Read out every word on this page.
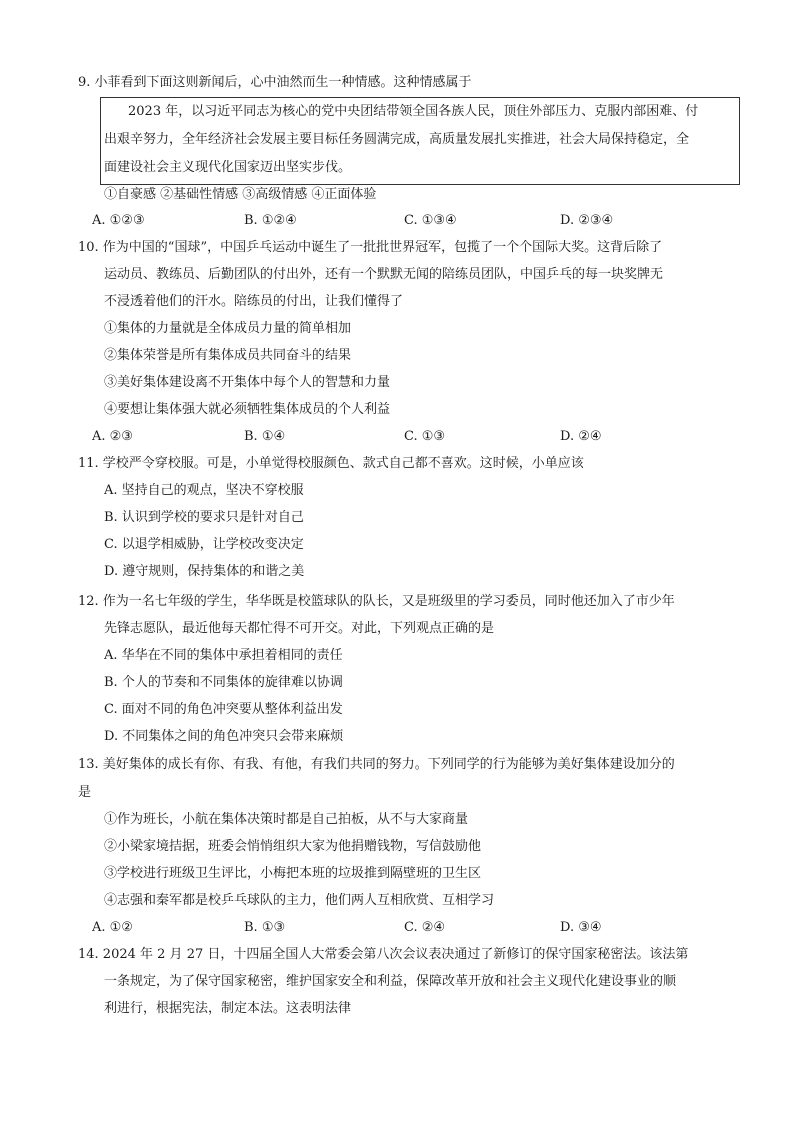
9. 小菲看到下面这则新闻后，心中油然而生一种情感。这种情感属于
2023 年，以习近平同志为核心的党中央团结带领全国各族人民，顶住外部压力、克服内部困难、付
出艰辛努力，全年经济社会发展主要目标任务圆满完成，高质量发展扎实推进，社会大局保持稳定，全
面建设社会主义现代化国家迈出坚实步伐。
①自豪感 ②基础性情感 ③高级情感 ④正面体验
A. ①②③	B. ①②④	C. ①③④	D. ②③④
10. 作为中国的“国球”，中国乒乓运动中诞生了一批批世界冠军，包揽了一个个国际大奖。这背后除了
运动员、教练员、后勤团队的付出外，还有一个默默无闻的陪练员团队，中国乒乓的每一块奖牌无
不浸透着他们的汗水。陪练员的付出，让我们懂得了
①集体的力量就是全体成员力量的简单相加
②集体荣誉是所有集体成员共同奋斗的结果
③美好集体建设离不开集体中每个人的智慧和力量
④要想让集体强大就必须牺牲集体成员的个人利益
A. ②③	B. ①④	C. ①③	D. ②④
11. 学校严令穿校服。可是，小单觉得校服颜色、款式自己都不喜欢。这时候，小单应该
A. 坚持自己的观点，坚决不穿校服
B. 认识到学校的要求只是针对自己
C. 以退学相威胁，让学校改变决定
D. 遵守规则，保持集体的和谐之美
12. 作为一名七年级的学生，华华既是校篮球队的队长，又是班级里的学习委员，同时他还加入了市少年
先锋志愿队，最近他每天都忙得不可开交。对此，下列观点正确的是
A. 华华在不同的集体中承担着相同的责任
B. 个人的节奏和不同集体的旋律难以协调
C. 面对不同的角色冲突要从整体利益出发
D. 不同集体之间的角色冲突只会带来麻烦
13. 美好集体的成长有你、有我、有他，有我们共同的努力。下列同学的行为能够为美好集体建设加分的
是
①作为班长，小航在集体决策时都是自己拍板，从不与大家商量
②小梁家境拮据，班委会悄悄组织大家为他捐赠钱物，写信鼓励他
③学校进行班级卫生评比，小梅把本班的垃圾推到隔壁班的卫生区
④志强和秦军都是校乒乓球队的主力，他们两人互相欣赏、互相学习
A. ①②	B. ①③	C. ②④	D. ③④
14. 2024 年 2 月 27 日，十四届全国人大常委会第八次会议表决通过了新修订的保守国家秘密法。该法第
一条规定，为了保守国家秘密，维护国家安全和利益，保障改革开放和社会主义现代化建设事业的顺
利进行，根据宪法，制定本法。这表明法律
